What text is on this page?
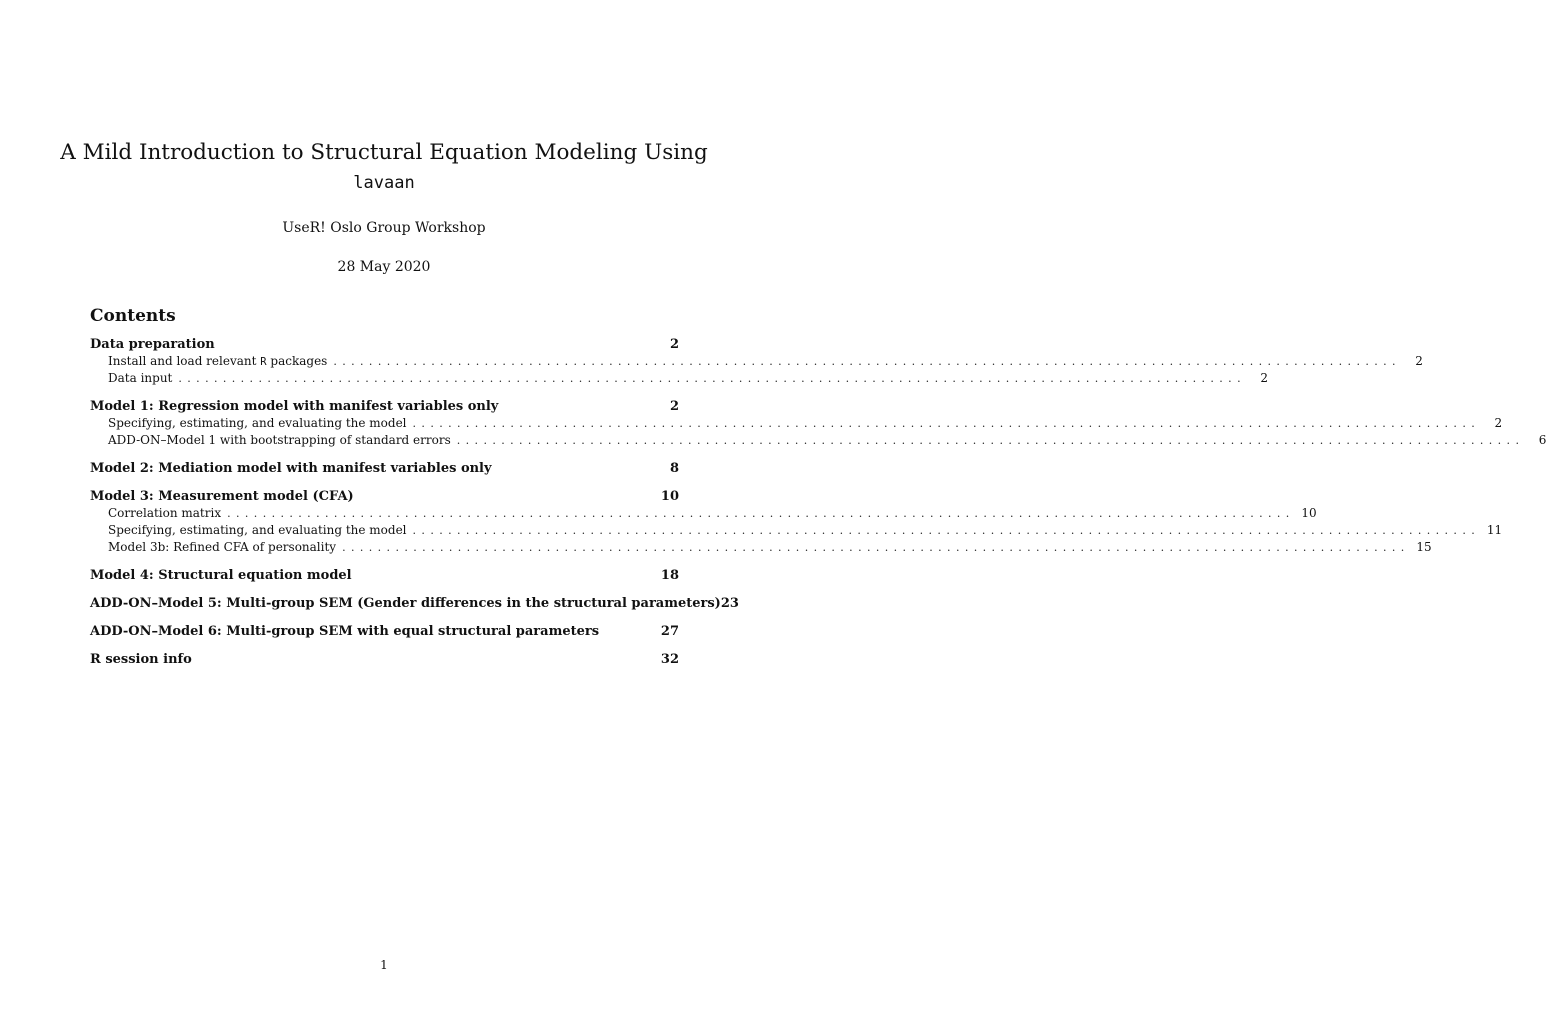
A Mild Introduction to Structural Equation Modeling Using
lavaan
UseR! Oslo Group Workshop
28 May 2020
Contents
Data preparation	2
Install and load relevant R packages ........................................................................................................................	2
Data input ........................................................................................................................	2
Model 1: Regression model with manifest variables only	2
Specifying, estimating, and evaluating the model ........................................................................................................................	2
ADD-ON–Model 1 with bootstrapping of standard errors ........................................................................................................................	6
Model 2: Mediation model with manifest variables only	8
Model 3: Measurement model (CFA)	10
Correlation matrix ........................................................................................................................ 10
Specifying, estimating, and evaluating the model ........................................................................................................................ 11
Model 3b: Refined CFA of personality ........................................................................................................................ 15
Model 4: Structural equation model	18
ADD-ON–Model 5: Multi-group SEM (Gender differences in the structural parameters) 23
ADD-ON–Model 6: Multi-group SEM with equal structural parameters	27
R session info	32
1
